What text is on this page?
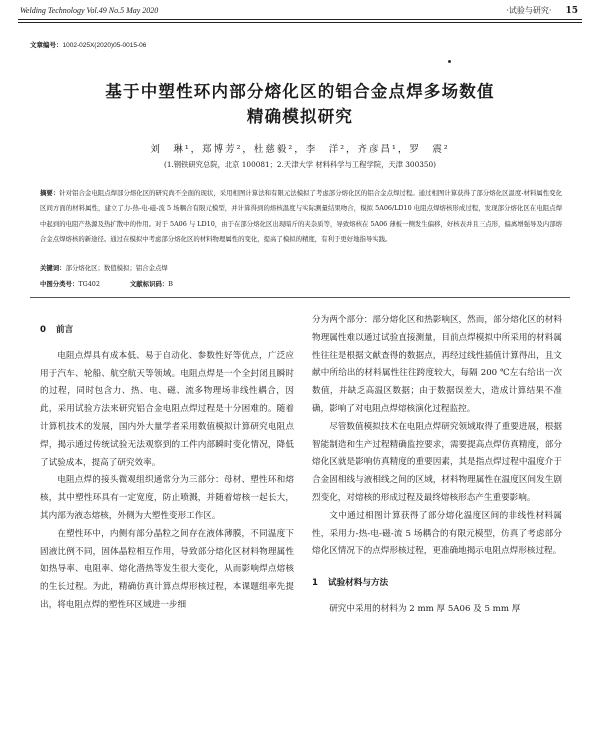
Welding Technology Vol.49 No.5 May 2020	·试验与研究· 15
文章编号：1002-025X(2020)05-0015-06
基于中塑性环内部分熔化区的铝合金点焊多场数值
精确模拟研究
刘　琳¹，郑博芳²，杜慈毅²，李　洋²，齐彦昌¹，罗　震²
(1.钢铁研究总院，北京 100081；2.天津大学 材料科学与工程学院，天津 300350)
摘要：针对铝合金电阻点焊部分熔化区的研究尚不全面的现状，采用相图计算法和有限元法模拟了考虑部分熔化区的铝合金点焊过程。通过相图计算获得了部分熔化区温度-材料属性变化区间方面的材料属性，建立了力-热-电-磁-流 5 场耦合有限元模型，并计算得到的熔核温度与实际测量结果吻合，模拟 5A06/LD10 电阻点焊熔核形成过程，发现部分熔化区在电阻点焊中起到的电阻产热源及热扩散中的作用。对于 5A06 与 LD10，由于在部分熔化区出现暗斤的夹杂质等，导致熔核在 5A06 薄板一侧发生偏移，好核表并且三点形，偏离增强导及内部熔合金点焊熔核的新途径。通过在模拟中考虑部分熔化区的材料物理属性的变化，提高了模拟的精度，有利于更好地指导实践。
关键词：部分熔化区；数值模拟；铝合金点焊
中图分类号：TG402	文献标识码：B
0 前言

电阻点焊具有成本低、易于自动化、参数性好等优点，广泛应用于汽车、轮船、航空航天等领域。电阻点焊是一个全封闭且瞬时的过程，同时包含力、热、电、磁、流多物理场非线性耦合，因此，采用试验方法来研究铝合金电阻点焊过程是十分困难的。随着计算机技术的发展，国内外大量学者采用数值模拟计算研究电阻点焊，揭示通过传统试验无法观察到的工件内部瞬时变化情况，降低了试验成本，提高了研究效率。

电阻点焊的接头微观组织通常分为三部分：母材、塑性环和熔核，其中塑性环具有一定宽度，防止喷溅，并随着熔核一起长大，其内部为液态熔核，外侧为大塑性变形工作区。

在塑性环中，内侧有部分晶粒之间存在液体薄膜，不同温度下固液比例不同，固体晶粒相互作用，导致部分熔化区材料物理属性如热导率、电阻率、熔化潜热等发生很大变化，从而影响焊点熔核的生长过程。为此，精确仿真计算点焊形核过程，本课题组率先提出，将电阻点焊的塑性环区域进一步细

分为两个部分：部分熔化区和热影响区，然而，部分熔化区的材料物理属性难以通过试验直接测量，目前点焊模拟中所采用的材料属性往往是根据文献查得的数据点，再经过线性插值计算得出，且文献中所给出的材料属性往往跨度较大，每隔 200 ℃左右给出一次数值，并缺乏高温区数据；由于数据误差大，造成计算结果不准确，影响了对电阻点焊熔核演化过程监控。

尽管数值模拟技术在电阻点焊研究领域取得了重要进展，根据智能制造和生产过程精确监控要求，需要提高点焊仿真精度，部分熔化区就是影响仿真精度的重要因素，其是指点焊过程中温度介于合金固相线与液相线之间的区域，材料物理属性在温度区间发生剧烈变化，对熔核的形成过程及最终熔核形态产生重要影响。

文中通过相图计算获得了部分熔化温度区间的非线性材料属性，采用力-热-电-磁-流 5 场耦合的有限元模型，仿真了考虑部分熔化区情况下的点焊形核过程，更准确地揭示电阻点焊形核过程。

1 试验材料与方法

研究中采用的材料为 2 mm 厚 5A06 及 5 mm 厚
